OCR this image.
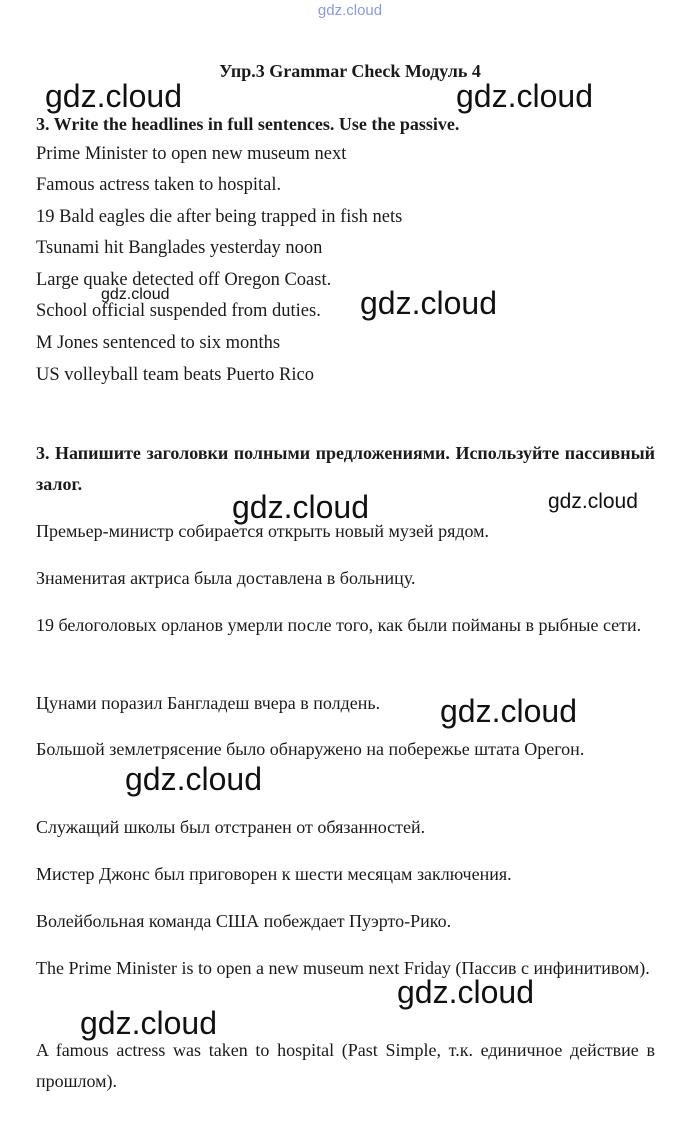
gdz.cloud
Упр.3 Grammar Check Модуль 4
3. Write the headlines in full sentences. Use the passive.
Prime Minister to open new museum next
Famous actress taken to hospital.
19 Bald eagles die after being trapped in fish nets
Tsunami hit Banglades yesterday noon
Large quake detected off Oregon Coast.
School official suspended from duties.
M Jones sentenced to six months
US volleyball team beats Puerto Rico
3. Напишите заголовки полными предложениями. Используйте пассивный залог.
Премьер-министр собирается открыть новый музей рядом.
Знаменитая актриса была доставлена в больницу.
19 белоголовых орланов умерли после того, как были пойманы в рыбные сети.
Цунами поразил Бангладеш вчера в полдень.
Большой землетрясение было обнаружено на побережье штата Орегон.
Служащий школы был отстранен от обязанностей.
Мистер Джонс был приговорен к шести месяцам заключения.
Волейбольная команда США побеждает Пуэрто-Рико.
The Prime Minister is to open a new museum next Friday (Пассив с инфинитивом).
A famous actress was taken to hospital (Past Simple, т.к. единичное действие в прошлом).
gdz.cloud	gdz.cloud
gdz.cloud	gdz.cloud
gdz.cloud	gdz.cloud
gdz.cloud
gdz.cloud
gdz.cloud
gdz.cloud
